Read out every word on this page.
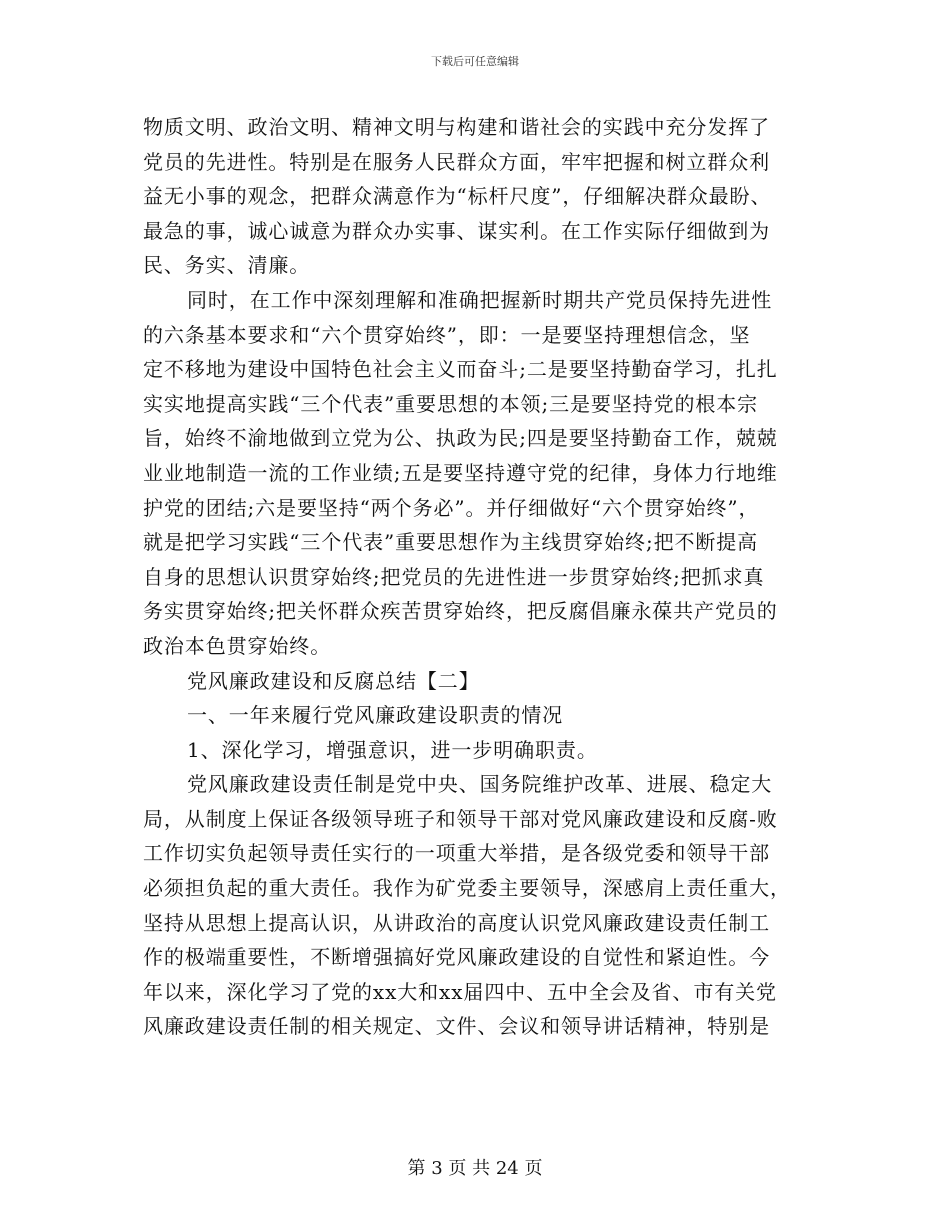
下载后可任意编辑
物质文明、政治文明、精神文明与构建和谐社会的实践中充分发挥了
党员的先进性。特别是在服务人民群众方面，牢牢把握和树立群众利
益无小事的观念，把群众满意作为“标杆尺度”，仔细解决群众最盼、
最急的事，诚心诚意为群众办实事、谋实利。在工作实际仔细做到为
民、务实、清廉。
同时，在工作中深刻理解和准确把握新时期共产党员保持先进性
的六条基本要求和“六个贯穿始终”，即：一是要坚持理想信念，坚
定不移地为建设中国特色社会主义而奋斗;二是要坚持勤奋学习，扎扎
实实地提高实践“三个代表”重要思想的本领;三是要坚持党的根本宗
旨，始终不渝地做到立党为公、执政为民;四是要坚持勤奋工作，兢兢
业业地制造一流的工作业绩;五是要坚持遵守党的纪律，身体力行地维
护党的团结;六是要坚持“两个务必”。并仔细做好“六个贯穿始终”，
就是把学习实践“三个代表”重要思想作为主线贯穿始终;把不断提高
自身的思想认识贯穿始终;把党员的先进性进一步贯穿始终;把抓求真
务实贯穿始终;把关怀群众疾苦贯穿始终，把反腐倡廉永葆共产党员的
政治本色贯穿始终。
党风廉政建设和反腐总结【二】
一、一年来履行党风廉政建设职责的情况
1、深化学习，增强意识，进一步明确职责。
党风廉政建设责任制是党中央、国务院维护改革、进展、稳定大
局，从制度上保证各级领导班子和领导干部对党风廉政建设和反腐-败
工作切实负起领导责任实行的一项重大举措，是各级党委和领导干部
必须担负起的重大责任。我作为矿党委主要领导，深感肩上责任重大，
坚持从思想上提高认识，从讲政治的高度认识党风廉政建设责任制工
作的极端重要性，不断增强搞好党风廉政建设的自觉性和紧迫性。今
年以来，深化学习了党的xx大和xx届四中、五中全会及省、市有关党
风廉政建设责任制的相关规定、文件、会议和领导讲话精神，特别是
第 3 页 共 24 页
